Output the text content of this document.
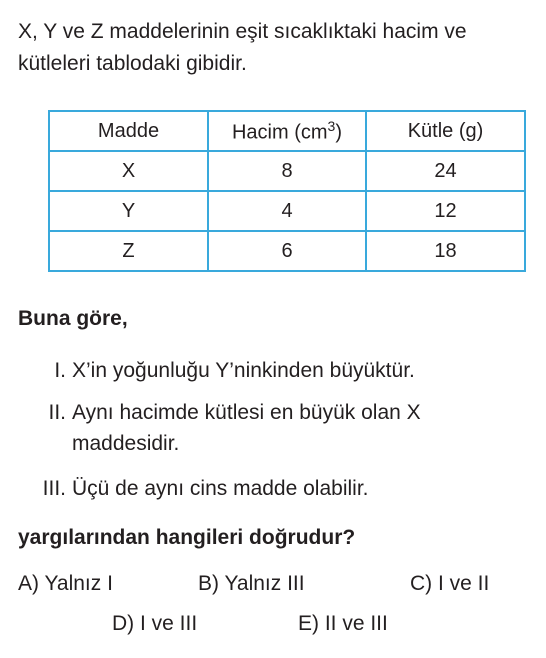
X, Y ve Z maddelerinin eşit sıcaklıktaki hacim ve
kütleleri tablodaki gibidir.

Madde	Hacim $(cm^3)$	Kütle (g)
X	8	24
Y	4	12
Z	6	18

Buna göre,

I. X’in yoğunluğu Y’ninkinden büyüktür.
II. Aynı hacimde kütlesi en büyük olan X
maddesidir.
III. Üçü de aynı cins madde olabilir.

yargılarından hangileri doğrudur?

A) Yalnız I	B) Yalnız III	C) I ve II
D) I ve III	E) II ve III
